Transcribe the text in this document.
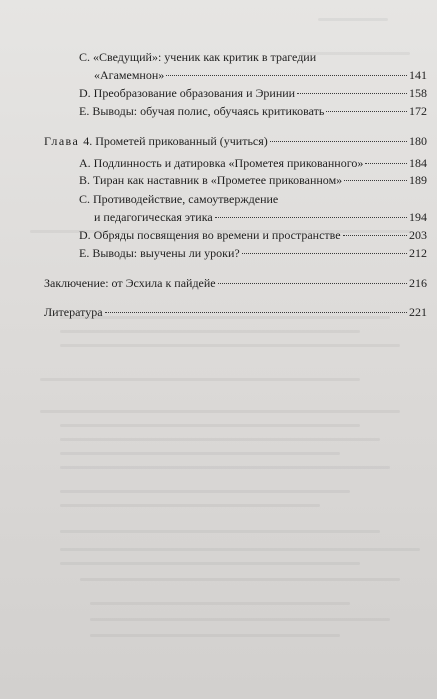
C. «Сведущий»: ученик как критик в трагедии
«Агамемнон»	141
D. Преобразование образования и Эринии	158
E. Выводы: обучая полис, обучаясь критиковать	172
Глава 4. Прометей прикованный (учиться)	180
A. Подлинность и датировка «Прометея прикованного»	184
B. Тиран как наставник в «Прометее прикованном»	189
C. Противодействие, самоутверждение
и педагогическая этика	194
D. Обряды посвящения во времени и пространстве	203
E. Выводы: выучены ли уроки?	212
Заключение: от Эсхила к пайдейе	216
Литература	221
